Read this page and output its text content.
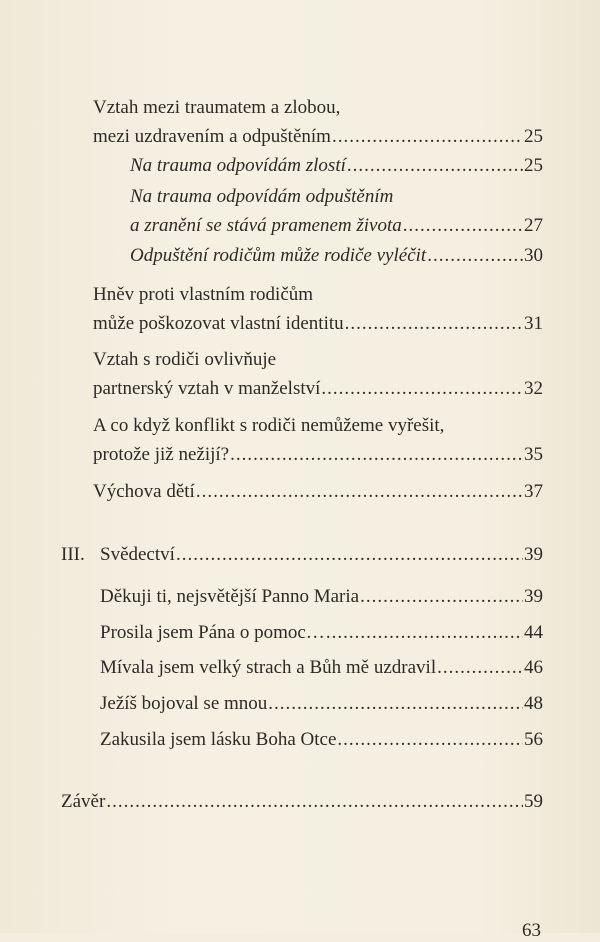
Vztah mezi traumatem a zlobou,
mezi uzdravením a odpuštěním .....	25
Na trauma odpovídám zlostí .....	25
Na trauma odpovídám odpuštěním
a zranění se stává pramenem života .....	27
Odpuštění rodičům může rodiče vyléčit .....	30
Hněv proti vlastním rodičům
může poškozovat vlastní identitu .....	31
Vztah s rodiči ovlivňuje
partnerský vztah v manželství .....	32
A co když konflikt s rodiči nemůžeme vyřešit,
protože již nežijí? .....	35
Výchova dětí .....	37
III. Svědectví .....	39
Děkuji ti, nejsvětější Panno Maria .....	39
Prosila jsem Pána o pomoc… .....	44
Mívala jsem velký strach a Bůh mě uzdravil .....	46
Ježíš bojoval se mnou .....	48
Zakusila jsem lásku Boha Otce .....	56
Závěr .....	59
63
